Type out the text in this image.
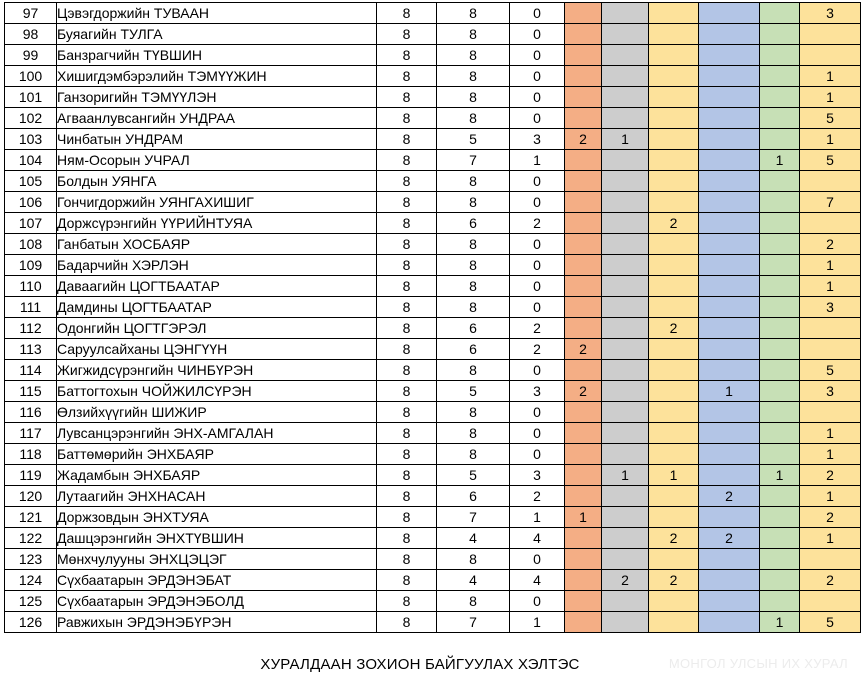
97	Цэвэгдоржийн ТУВААН	8	8	0						3
98	Буяагийн ТУЛГА	8	8	0						
99	Банзрагчийн ТҮВШИН	8	8	0						
100	Хишигдэмбэрэлийн ТЭМҮҮЖИН	8	8	0						1
101	Ганзоригийн ТЭМҮҮЛЭН	8	8	0						1
102	Агваанлувсангийн УНДРАА	8	8	0						5
103	Чинбатын УНДРАМ	8	5	3	2	1				1
104	Ням-Осорын УЧРАЛ	8	7	1					1	5
105	Болдын УЯНГА	8	8	0						
106	Гончигдоржийн УЯНГАХИШИГ	8	8	0						7
107	Доржсүрэнгийн ҮҮРИЙНТУЯА	8	6	2			2			
108	Ганбатын ХОСБАЯР	8	8	0						2
109	Бадарчийн ХЭРЛЭН	8	8	0						1
110	Даваагийн ЦОГТБААТАР	8	8	0						1
111	Дамдины ЦОГТБААТАР	8	8	0						3
112	Одонгийн ЦОГТГЭРЭЛ	8	6	2			2			
113	Саруулсайханы ЦЭНГҮҮН	8	6	2	2					
114	Жигжидсүрэнгийн ЧИНБҮРЭН	8	8	0						5
115	Баттогтохын ЧОЙЖИЛСҮРЭН	8	5	3	2			1		3
116	Өлзийхүүгийн ШИЖИР	8	8	0						
117	Лувсанцэрэнгийн ЭНХ-АМГАЛАН	8	8	0						1
118	Баттөмөрийн ЭНХБАЯР	8	8	0						1
119	Жадамбын ЭНХБАЯР	8	5	3		1	1		1	2
120	Лутаагийн ЭНХНАСАН	8	6	2				2		1
121	Доржзовдын ЭНХТУЯА	8	7	1	1					2
122	Дашцэрэнгийн ЭНХТҮВШИН	8	4	4			2	2		1
123	Мөнхчулууны ЭНХЦЭЦЭГ	8	8	0						
124	Сүхбаатарын ЭРДЭНЭБАТ	8	4	4		2	2			2
125	Сүхбаатарын ЭРДЭНЭБОЛД	8	8	0						
126	Равжихын ЭРДЭНЭБҮРЭН	8	7	1					1	5
ХУРАЛДААН ЗОХИОН БАЙГУУЛАХ ХЭЛТЭС	МОНГОЛ УЛСЫН ИХ ХУРАЛ
